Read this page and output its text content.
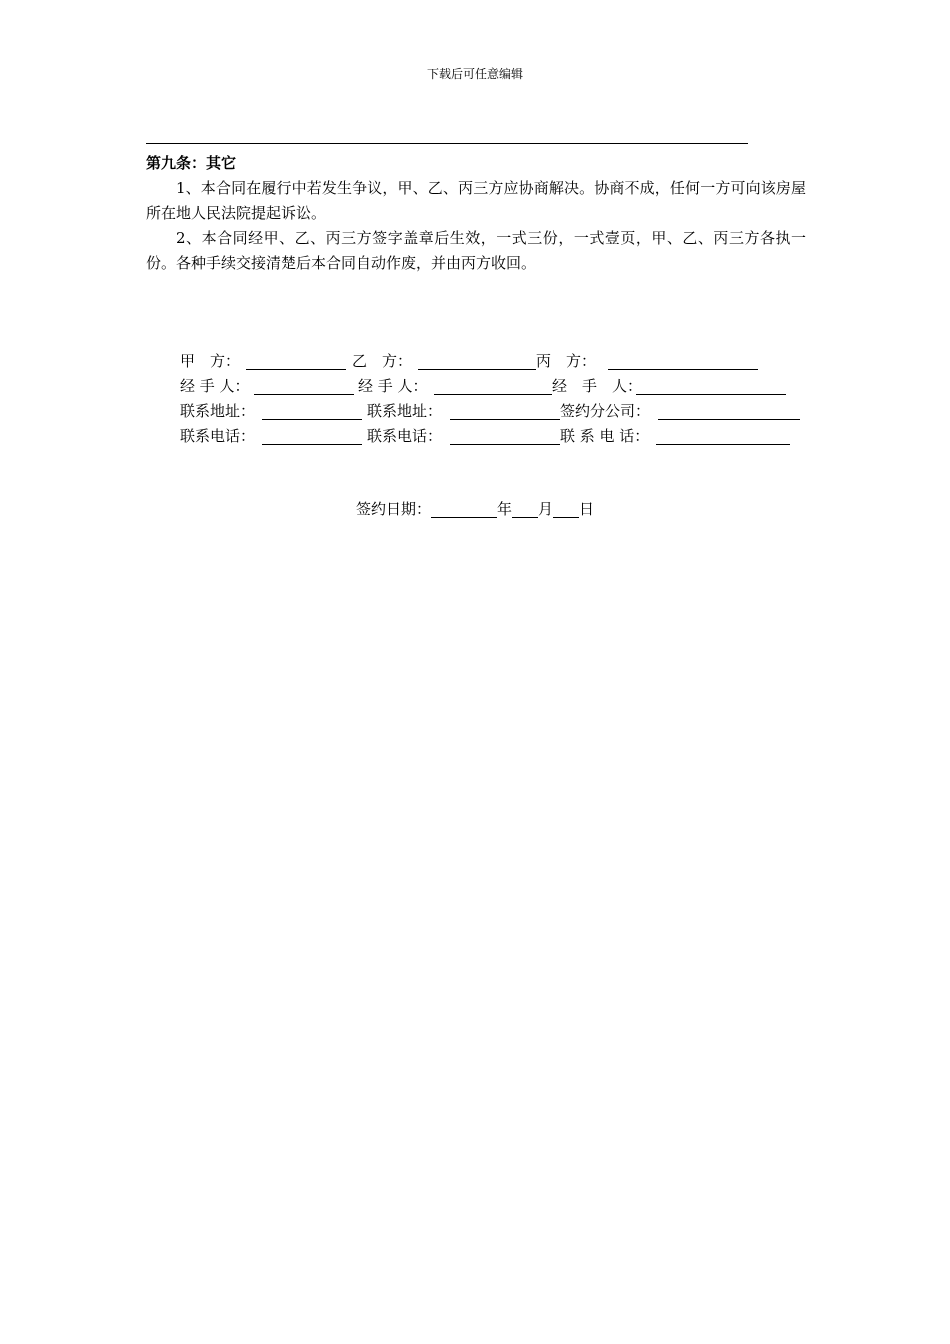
下载后可任意编辑
第九条：其它

1、本合同在履行中若发生争议，甲、乙、丙三方应协商解决。协商不成，任何一方可向该房屋所在地人民法院提起诉讼。

2、本合同经甲、乙、丙三方签字盖章后生效，一式三份，一式壹页，甲、乙、丙三方各执一份。各种手续交接清楚后本合同自动作废，并由丙方收回。

甲　方：	乙　方：	丙　方：
经 手 人：	经 手 人：	经　手　人：
联系地址：	联系地址：	签约分公司：
联系电话：	联系电话：	联 系 电 话：
签约日期：	年 月 日
